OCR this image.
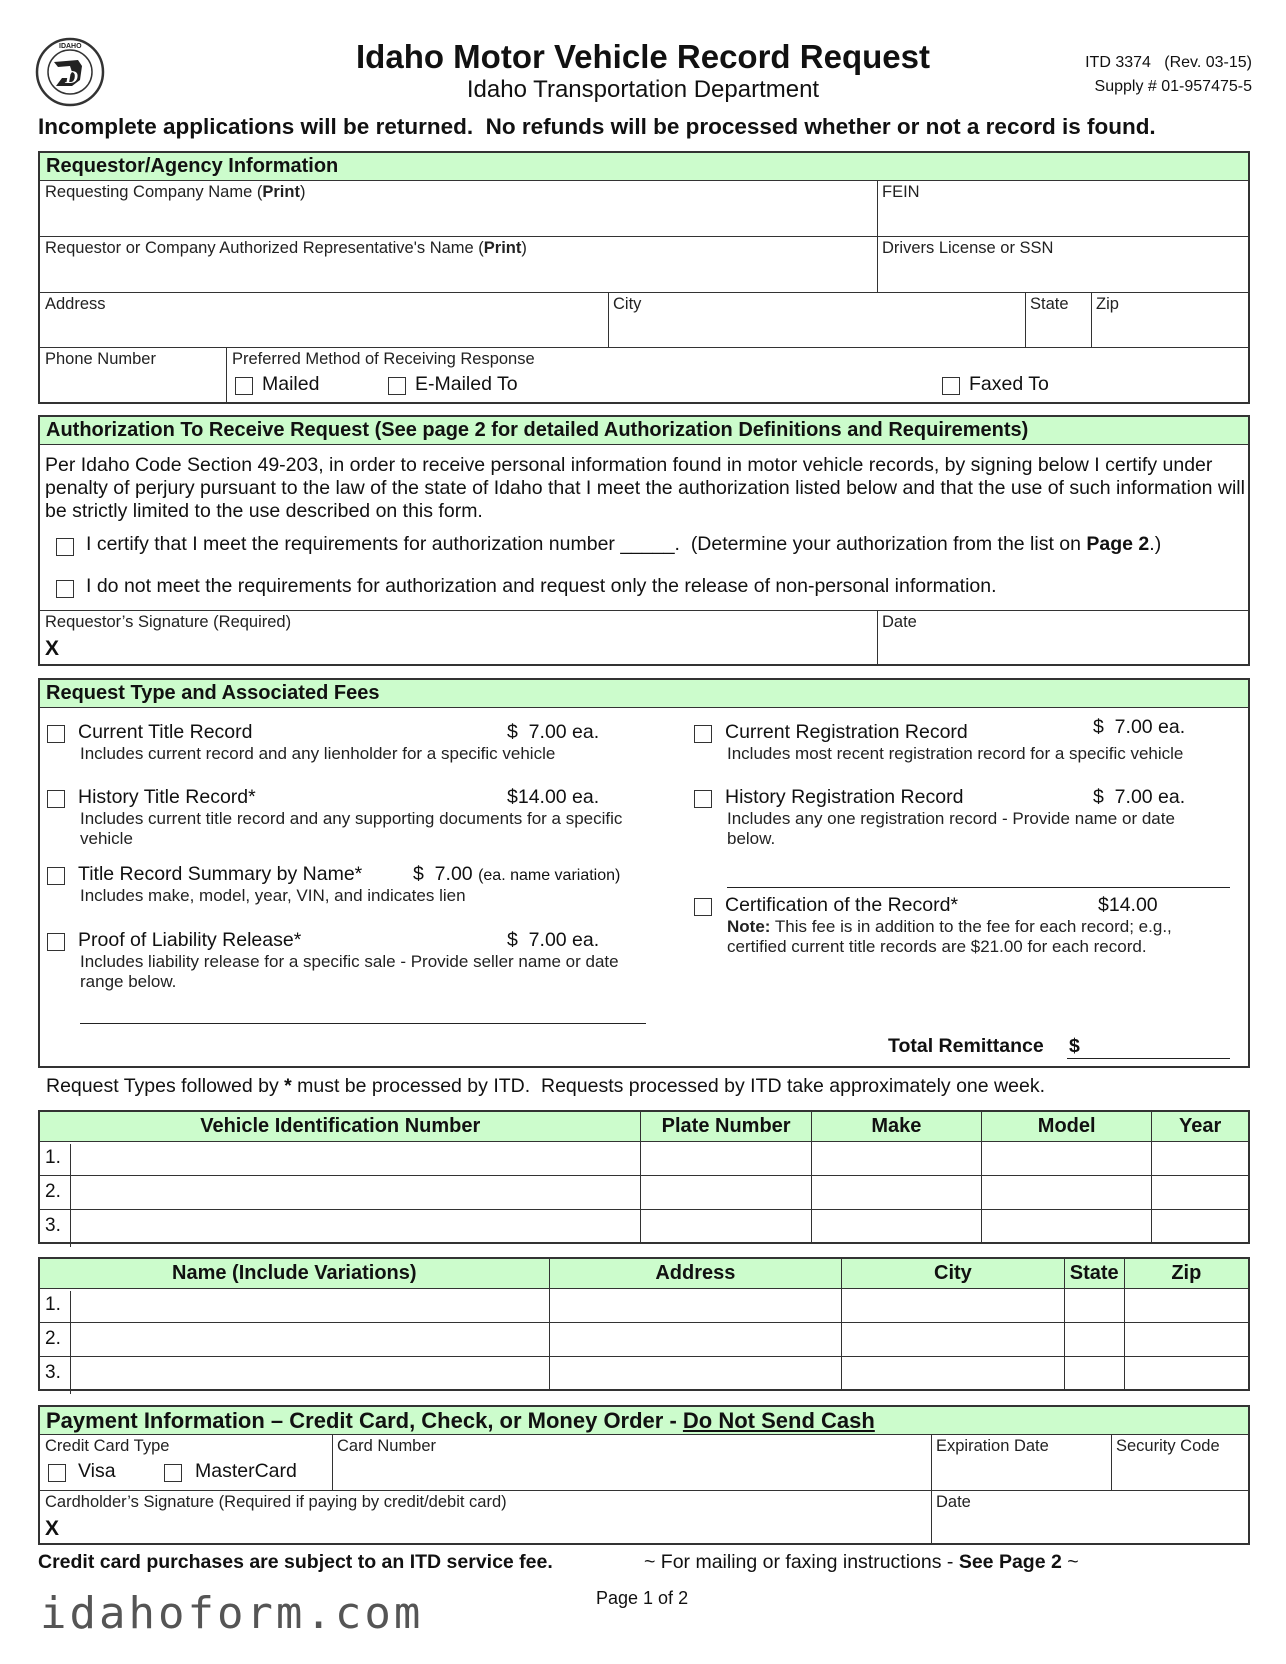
D
IDAHO	Idaho Motor Vehicle Record Request
Idaho Transportation Department
ITD 3374   (Rev. 03-15)
Supply # 01-957475-5
Incomplete applications will be returned.  No refunds will be processed whether or not a record is found.
Requestor/Agency Information
Requesting Company Name (Print)	FEIN
Requestor or Company Authorized Representative's Name (Print)	Drivers License or SSN
Address	City	State Zip
Phone Number	Preferred Method of Receiving Response
Mailed	E-Mailed To	Faxed To
Authorization To Receive Request (See page 2 for detailed Authorization Definitions and Requirements)
Per Idaho Code Section 49-203, in order to receive personal information found in motor vehicle records, by signing below I certify under penalty of perjury pursuant to the law of the state of Idaho that I meet the authorization listed below and that the use of such information will be strictly limited to the use described on this form.
I certify that I meet the requirements for authorization number _____.  (Determine your authorization from the list on Page 2.)
I do not meet the requirements for authorization and request only the release of non-personal information.
Requestor’s Signature (Required)
X
Date
Request Type and Associated Fees
Current Title Record	$  7.00 ea.
Includes current record and any lienholder for a specific vehicle
History Title Record*	$14.00 ea.
Includes current title record and any supporting documents for a specific vehicle
Title Record Summary by Name*	$  7.00 (ea. name variation)
Includes make, model, year, VIN, and indicates lien
Proof of Liability Release*	$  7.00 ea.
Includes liability release for a specific sale - Provide seller name or date range below.
Current Registration Record	$  7.00 ea.
Includes most recent registration record for a specific vehicle
History Registration Record	$  7.00 ea.
Includes any one registration record - Provide name or date below.
Certification of the Record*	$14.00
Note: This fee is in addition to the fee for each record; e.g., certified current title records are $21.00 for each record.
Total Remittance $
Request Types followed by * must be processed by ITD.  Requests processed by ITD take approximately one week.
Vehicle Identification Number	Plate Number	Make	Model	Year
1.				
2.				
3.				
Name (Include Variations)	Address	City	State	Zip
1.				
2.				
3.				
Payment Information – Credit Card, Check, or Money Order - Do Not Send Cash
Credit Card Type
Visa	MasterCard
Card Number	Expiration Date	Security Code
Cardholder’s Signature (Required if paying by credit/debit card)
X
Date
Credit card purchases are subject to an ITD service fee.	~ For mailing or faxing instructions - See Page 2 ~
Page 1 of 2
idahoform.com
